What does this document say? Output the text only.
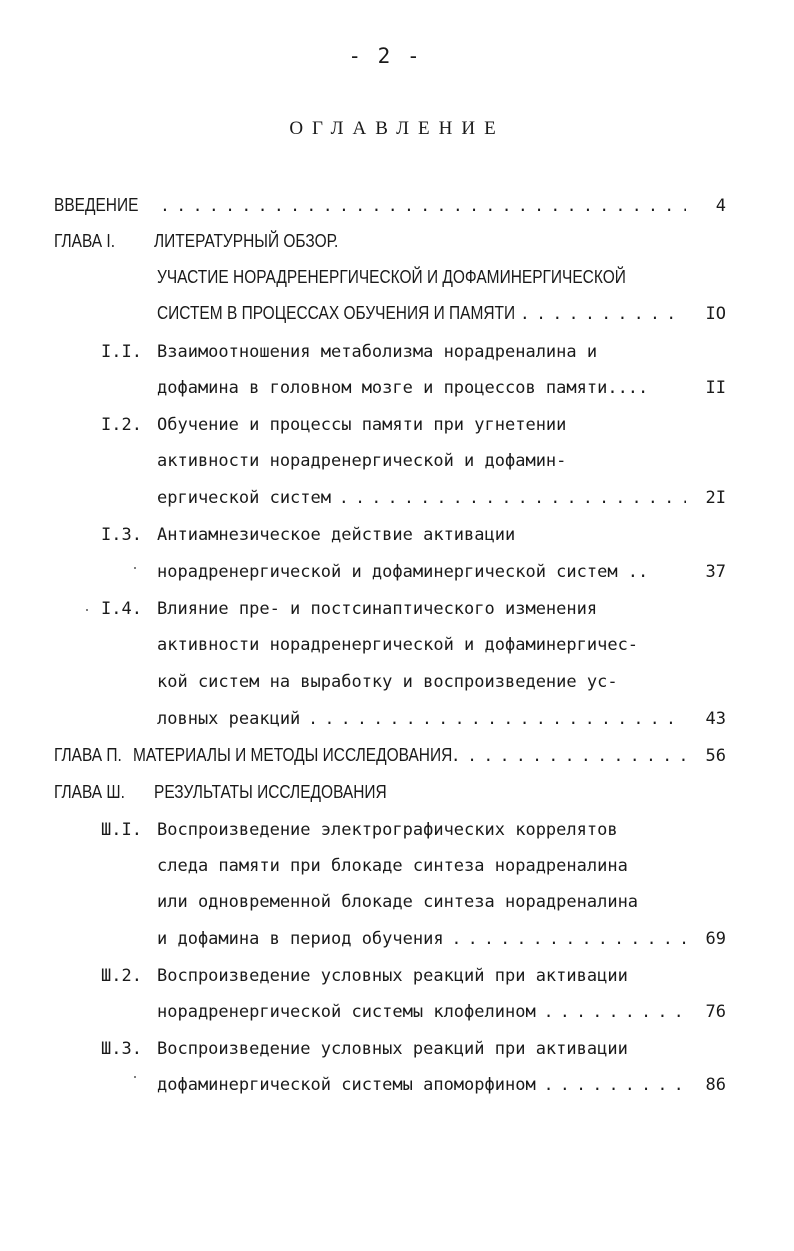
- 2 -
ОГЛАВЛЕНИЕ
ВВЕДЕНИЕ . . .	4
ГЛАВА I.	ЛИТЕРАТУРНЫЙ ОБЗОР.
УЧАСТИЕ НОРАДРЕНЕРГИЧЕСКОЙ И ДОФАМИНЕРГИЧЕСКОЙ
СИСТЕМ В ПРОЦЕССАХ ОБУЧЕНИЯ И ПАМЯТИ . . .	IO
I.I. Взаимоотношения метаболизма норадреналина и
дофамина в головном мозге и процессов памяти....	II
I.2. Обучение и процессы памяти при угнетении
активности норадренергической и дофамин-
ергической систем . . .	2I
I.3. Антиамнезическое действие активации
норадренергической и дофаминергической систем ..	37
I.4. Влияние пре- и постсинаптического изменения
активности норадренергической и дофаминергичес-
кой систем на выработку и воспроизведение ус-
ловных реакций . . .	43
ГЛАВА П. МАТЕРИАЛЫ И МЕТОДЫ ИССЛЕДОВАНИЯ . . .	56
ГЛАВА Ш.	РЕЗУЛЬТАТЫ ИССЛЕДОВАНИЯ
Ш.I. Воспроизведение электрографических коррелятов
следа памяти при блокаде синтеза норадреналина
или одновременной блокаде синтеза норадреналина
и дофамина в период обучения . . .	69
Ш.2. Воспроизведение условных реакций при активации
норадренергической системы клофелином . . .	76
Ш.3. Воспроизведение условных реакций при активации
дофаминергической системы апоморфином . . .	86
